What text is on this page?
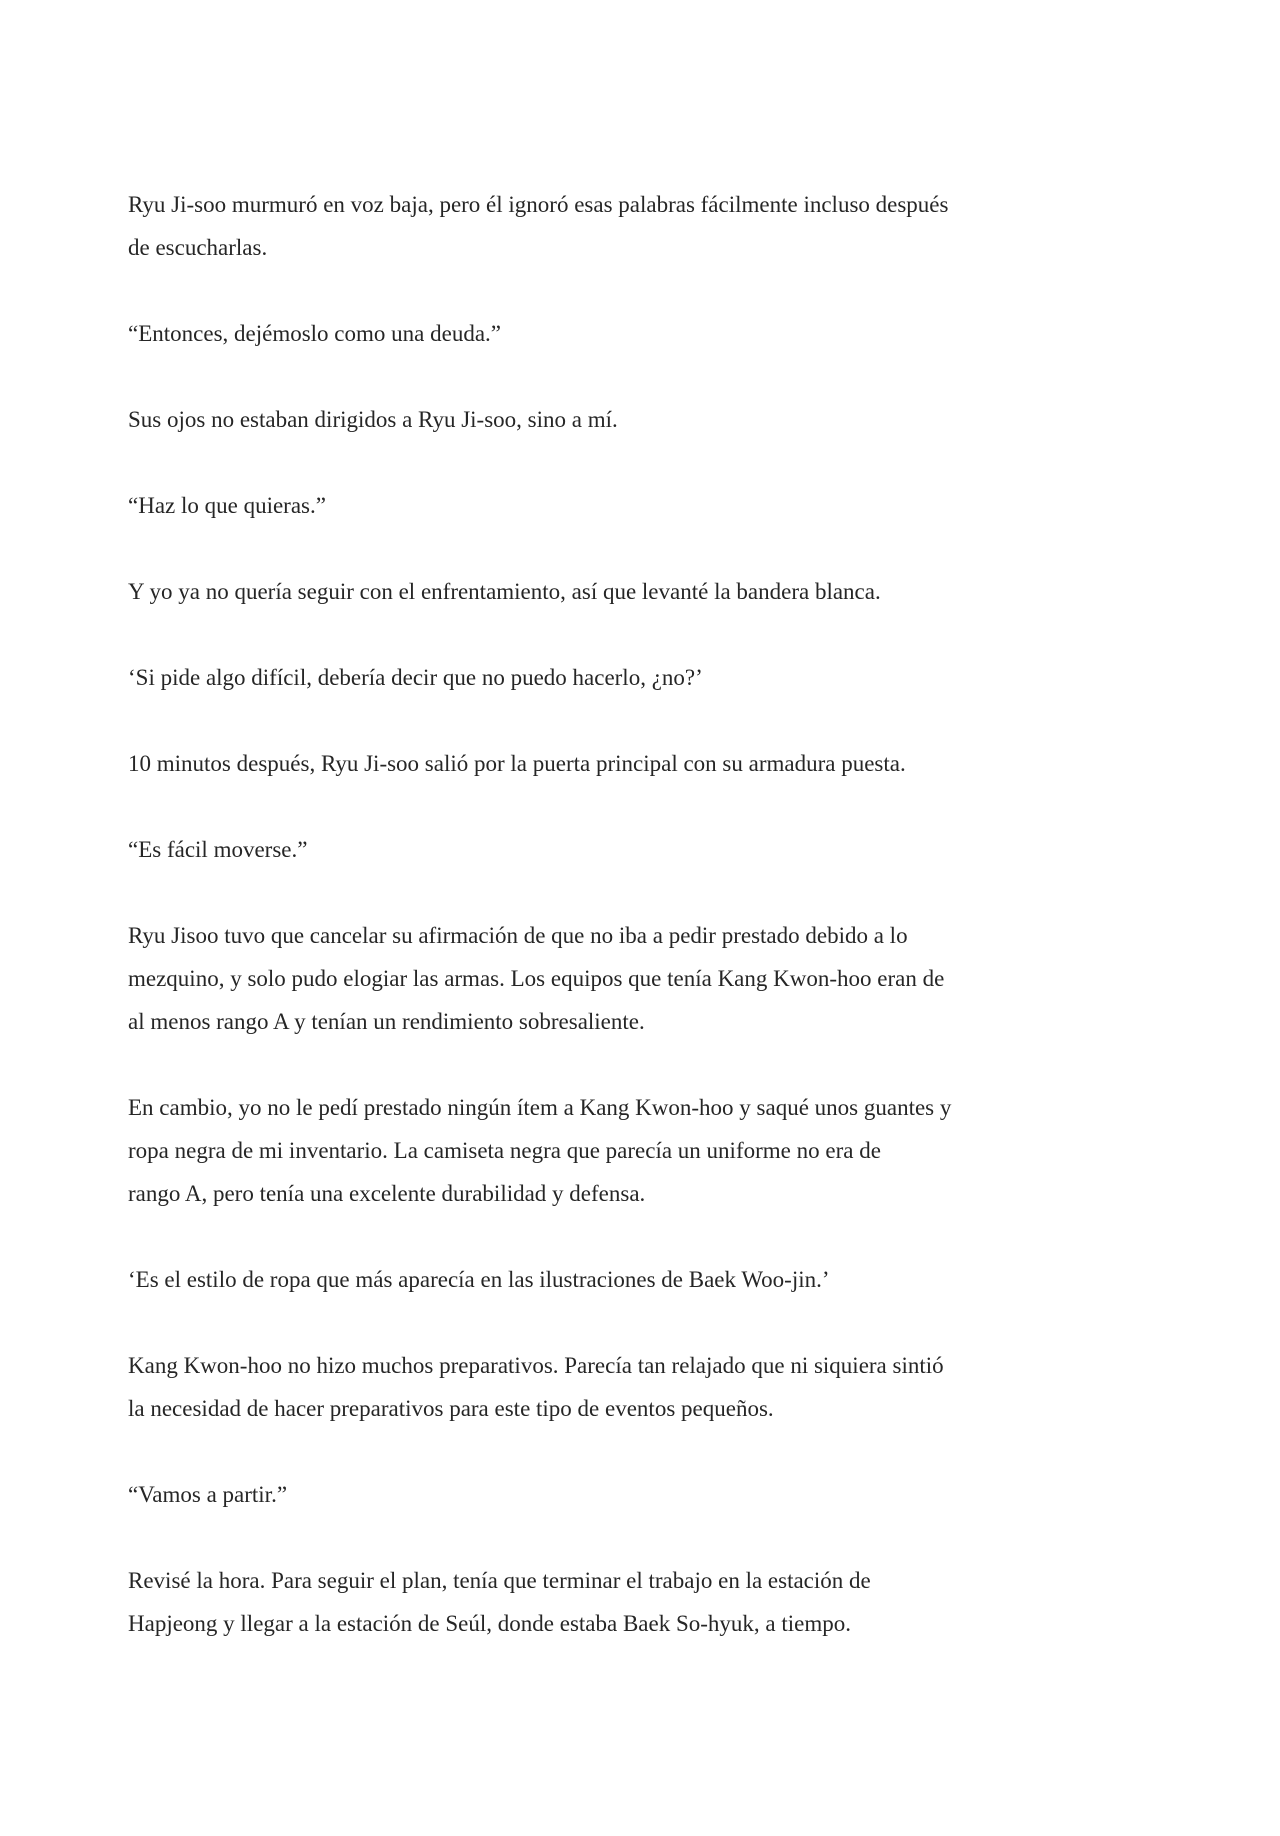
Ryu Ji-soo murmuró en voz baja, pero él ignoró esas palabras fácilmente incluso después
de escucharlas.

“Entonces, dejémoslo como una deuda.”

Sus ojos no estaban dirigidos a Ryu Ji-soo, sino a mí.

“Haz lo que quieras.”

Y yo ya no quería seguir con el enfrentamiento, así que levanté la bandera blanca.

‘Si pide algo difícil, debería decir que no puedo hacerlo, ¿no?’

10 minutos después, Ryu Ji-soo salió por la puerta principal con su armadura puesta.

“Es fácil moverse.”

Ryu Jisoo tuvo que cancelar su afirmación de que no iba a pedir prestado debido a lo
mezquino, y solo pudo elogiar las armas. Los equipos que tenía Kang Kwon-hoo eran de
al menos rango A y tenían un rendimiento sobresaliente.

En cambio, yo no le pedí prestado ningún ítem a Kang Kwon-hoo y saqué unos guantes y
ropa negra de mi inventario. La camiseta negra que parecía un uniforme no era de
rango A, pero tenía una excelente durabilidad y defensa.

‘Es el estilo de ropa que más aparecía en las ilustraciones de Baek Woo-jin.’

Kang Kwon-hoo no hizo muchos preparativos. Parecía tan relajado que ni siquiera sintió
la necesidad de hacer preparativos para este tipo de eventos pequeños.

“Vamos a partir.”

Revisé la hora. Para seguir el plan, tenía que terminar el trabajo en la estación de
Hapjeong y llegar a la estación de Seúl, donde estaba Baek So-hyuk, a tiempo.
